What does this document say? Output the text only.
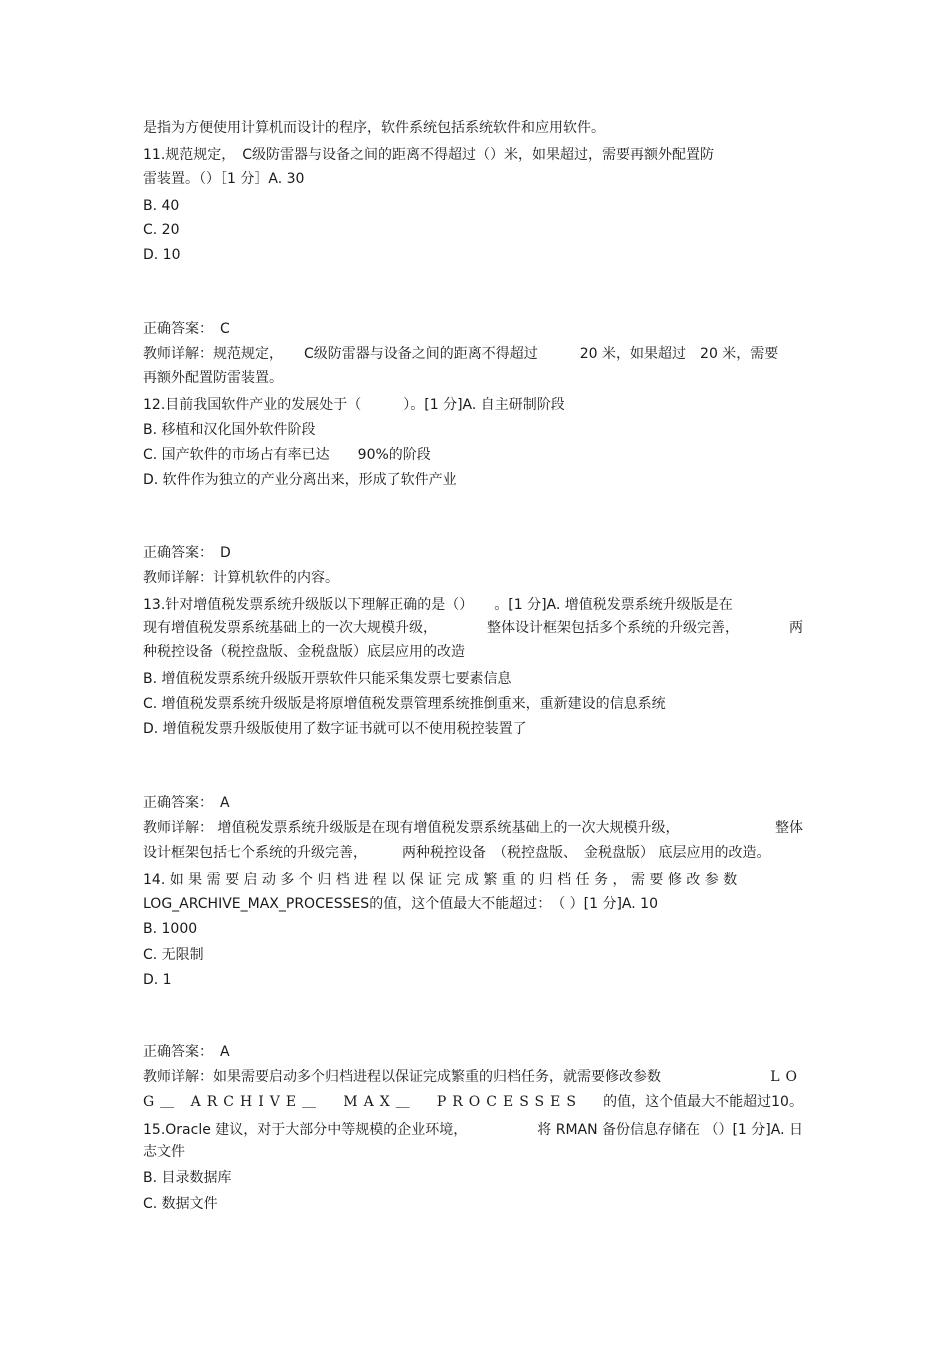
是指为方便使用计算机而设计的程序，软件系统包括系统软件和应用软件。
11.规范规定，　C级防雷器与设备之间的距离不得超过（）米，如果超过，需要再额外配置防
雷装置。（）［1 分］A. 30
B. 40
C. 20
D. 10
正确答案：　C
教师详解：规范规定，　　C级防雷器与设备之间的距离不得超过　　　20 米，如果超过　20 米，需要
再额外配置防雷装置。
12.目前我国软件产业的发展处于（　　　）。[1 分]A. 自主研制阶段
B. 移植和汉化国外软件阶段
C. 国产软件的市场占有率已达　　90%的阶段
D. 软件作为独立的产业分离出来，形成了软件产业
正确答案：　D
教师详解：计算机软件的内容。
13.针对增值税发票系统升级版以下理解正确的是（）　　。[1 分]A. 增值税发票系统升级版是在
现有增值税发票系统基础上的一次大规模升级，	整体设计框架包括多个系统的升级完善，	两
种税控设备（税控盘版、金税盘版）底层应用的改造
B. 增值税发票系统升级版开票软件只能采集发票七要素信息
C. 增值税发票系统升级版是将原增值税发票管理系统推倒重来，重新建设的信息系统
D. 增值税发票升级版使用了数字证书就可以不使用税控装置了
正确答案：　A
教师详解： 增值税发票系统升级版是在现有增值税发票系统基础上的一次大规模升级，	整体
设计框架包括七个系统的升级完善，　　　两种税控设备　（税控盘版、　金税盘版） 底层应用的改造。
14. 如 果 需 要 启 动 多 个 归 档 进 程 以 保 证 完 成 繁 重 的 归 档 任 务 ， 需 要 修 改 参 数
LOG_ARCHIVE_MAX_PROCESSES的值，这个值最大不能超过：　（ ）[1 分]A. 10
B. 1000
C. 无限制
D. 1
正确答案：　A
教师详解：如果需要启动多个归档进程以保证完成繁重的归档任务，就需要修改参数	LO
G＿ ARCHIVE＿ MAX＿ PROCESSES 的值，这个值最大不能超过10。
15.Oracle 建议，对于大部分中等规模的企业环境，	将 RMAN 备份信息存储在 （）[1 分]A. 日
志文件
B. 目录数据库
C. 数据文件
